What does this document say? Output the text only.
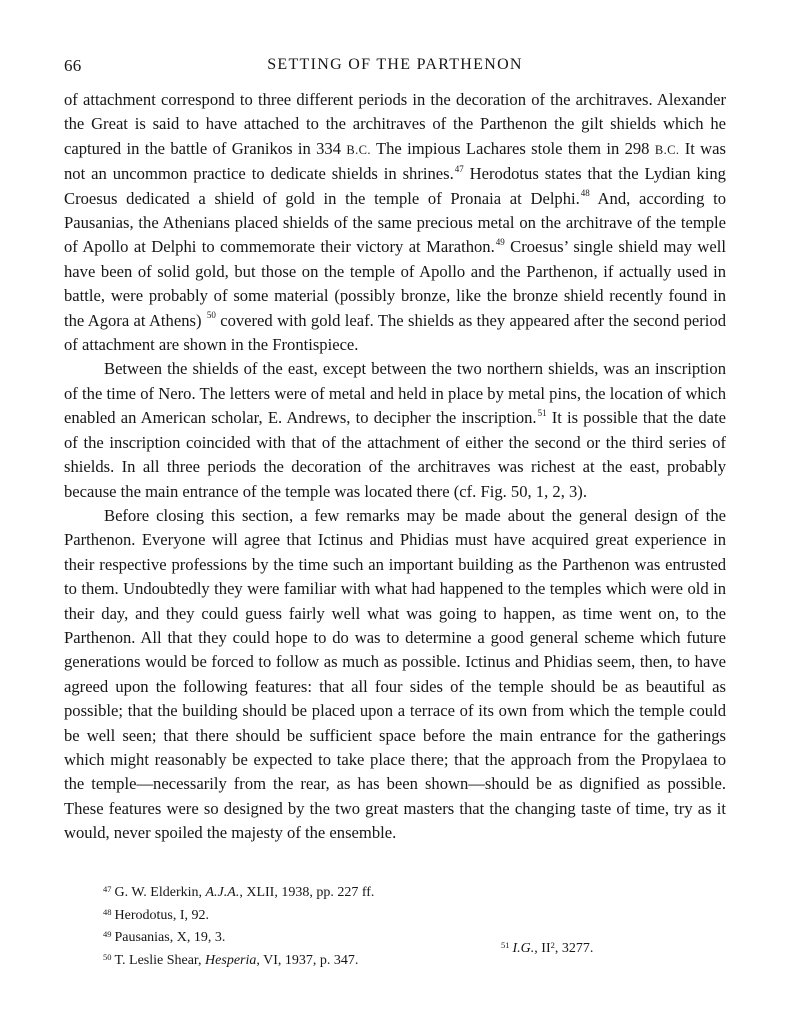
66	SETTING OF THE PARTHENON

of attachment correspond to three different periods in the decoration of the architraves. Alexander the Great is said to have attached to the architraves of the Parthenon the gilt shields which he captured in the battle of Granikos in 334 B.C. The impious Lachares stole them in 298 B.C. It was not an uncommon practice to dedicate shields in shrines.$^{47}$ Herodotus states that the Lydian king Croesus dedicated a shield of gold in the temple of Pronaia at Delphi.$^{48}$ And, according to Pausanias, the Athenians placed shields of the same precious metal on the architrave of the temple of Apollo at Delphi to commemorate their victory at Marathon.$^{49}$ Croesus’ single shield may well have been of solid gold, but those on the temple of Apollo and the Parthenon, if actually used in battle, were probably of some material (possibly bronze, like the bronze shield recently found in the Agora at Athens) $^{50}$ covered with gold leaf. The shields as they appeared after the second period of attachment are shown in the Frontispiece.

Between the shields of the east, except between the two northern shields, was an inscription of the time of Nero. The letters were of metal and held in place by metal pins, the location of which enabled an American scholar, E. Andrews, to decipher the inscription.$^{51}$ It is possible that the date of the inscription coincided with that of the attachment of either the second or the third series of shields. In all three periods the decoration of the architraves was richest at the east, probably because the main entrance of the temple was located there (cf. Fig. 50, 1, 2, 3).

Before closing this section, a few remarks may be made about the general design of the Parthenon. Everyone will agree that Ictinus and Phidias must have acquired great experience in their respective professions by the time such an important building as the Parthenon was entrusted to them. Undoubtedly they were familiar with what had happened to the temples which were old in their day, and they could guess fairly well what was going to happen, as time went on, to the Parthenon. All that they could hope to do was to determine a good general scheme which future generations would be forced to follow as much as possible. Ictinus and Phidias seem, then, to have agreed upon the following features: that all four sides of the temple should be as beautiful as possible; that the building should be placed upon a terrace of its own from which the temple could be well seen; that there should be sufficient space before the main entrance for the gatherings which might reasonably be expected to take place there; that the approach from the Propylaea to the temple—necessarily from the rear, as has been shown—should be as dignified as possible. These features were so designed by the two great masters that the changing taste of time, try as it would, never spoiled the majesty of the ensemble.

$^{47}$ G. W. Elderkin, A.J.A., XLII, 1938, pp. 227 ff.
$^{48}$ Herodotus, I, 92.
$^{49}$ Pausanias, X, 19, 3.
$^{50}$ T. Leslie Shear, Hesperia, VI, 1937, p. 347.
$^{51}$ I.G., II$^2$, 3277.
